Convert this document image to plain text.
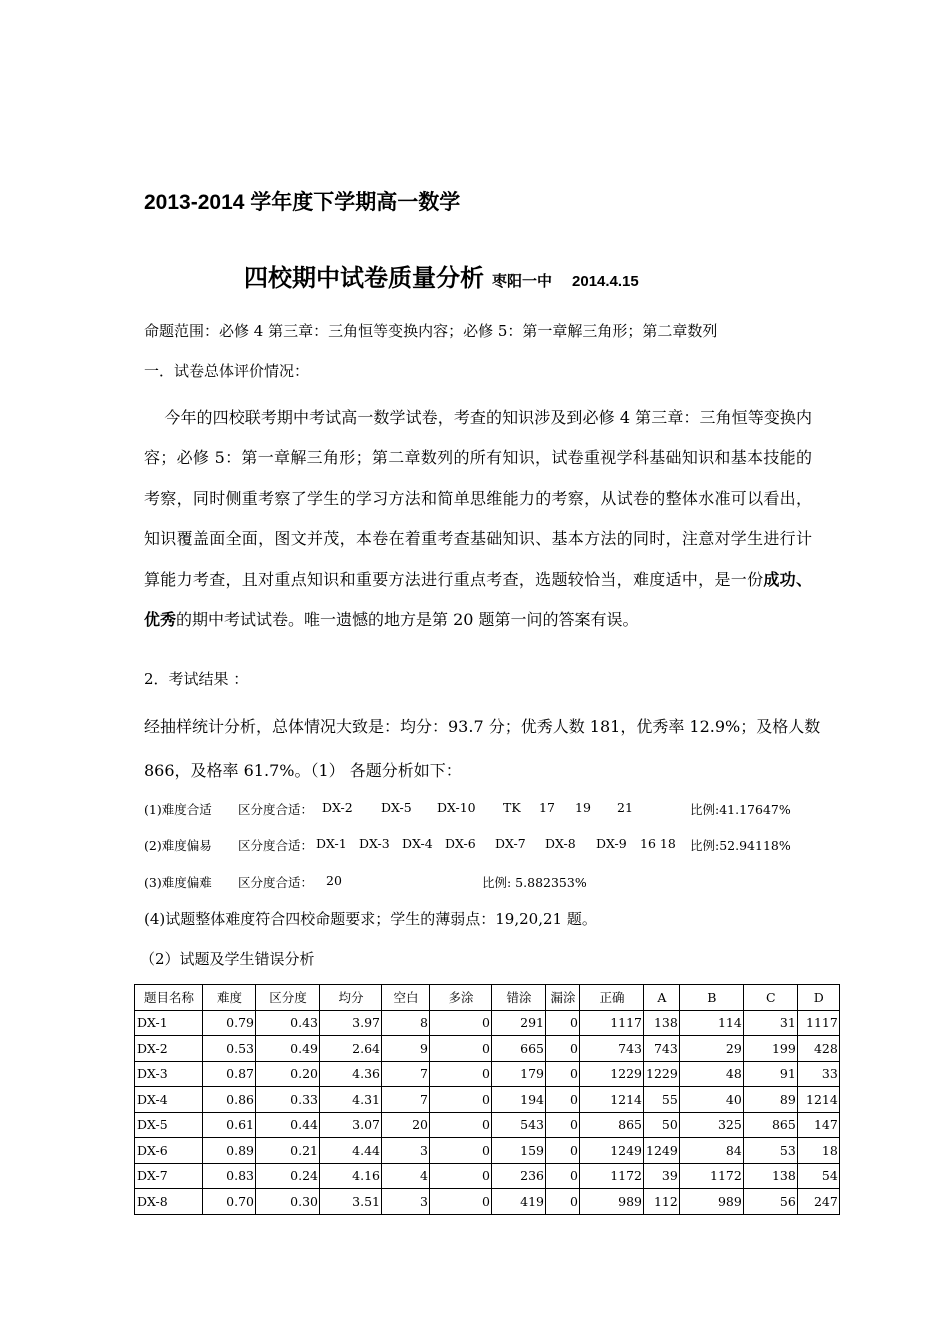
2013-2014 学年度下学期高一数学
四校期中试卷质量分析 枣阳一中 2014.4.15
命题范围：必修 4 第三章：三角恒等变换内容；必修 5：第一章解三角形；第二章数列
一．试卷总体评价情况：

今年的四校联考期中考试高一数学试卷，考查的知识涉及到必修 4 第三章：三角恒等变换内容；必修 5：第一章解三角形；第二章数列的所有知识，试卷重视学科基础知识和基本技能的考察，同时侧重考察了学生的学习方法和简单思维能力的考察，从试卷的整体水准可以看出，知识覆盖面全面，图文并茂，本卷在着重考查基础知识、基本方法的同时，注意对学生进行计算能力考查，且对重点知识和重要方法进行重点考查，选题较恰当，难度适中，是一份成功、优秀的期中考试试卷。唯一遗憾的地方是第 20 题第一问的答案有误。

2．考试结果 ：
经抽样统计分析，总体情况大致是：均分：93.7 分；优秀人数 181，优秀率 12.9%；及格人数
866，及格率 61.7%。（1） 各题分析如下：
(1)难度合适 区分度合适： DX-2 DX-5 DX-10 TK 17 19 21	比例:41.17647%
(2)难度偏易 区分度合适： DX-1 DX-3 DX-4 DX-6 DX-7 DX-8 DX-9 16 18 比例:52.94118%
(3)难度偏难 区分度合适： 20	比例: 5.882353%
(4)试题整体难度符合四校命题要求；学生的薄弱点：19,20,21 题。
（2）试题及学生错误分析
题目名称	难度	区分度	均分	空白	多涂	错涂	漏涂	正确	A	B	C	D
DX-1	0.79	0.43	3.97	8	0	291	0	1117	138	114	31	1117
DX-2	0.53	0.49	2.64	9	0	665	0	743	743	29	199	428
DX-3	0.87	0.20	4.36	7	0	179	0	1229	1229	48	91	33
DX-4	0.86	0.33	4.31	7	0	194	0	1214	55	40	89	1214
DX-5	0.61	0.44	3.07	20	0	543	0	865	50	325	865	147
DX-6	0.89	0.21	4.44	3	0	159	0	1249	1249	84	53	18
DX-7	0.83	0.24	4.16	4	0	236	0	1172	39	1172	138	54
DX-8	0.70	0.30	3.51	3	0	419	0	989	112	989	56	247
